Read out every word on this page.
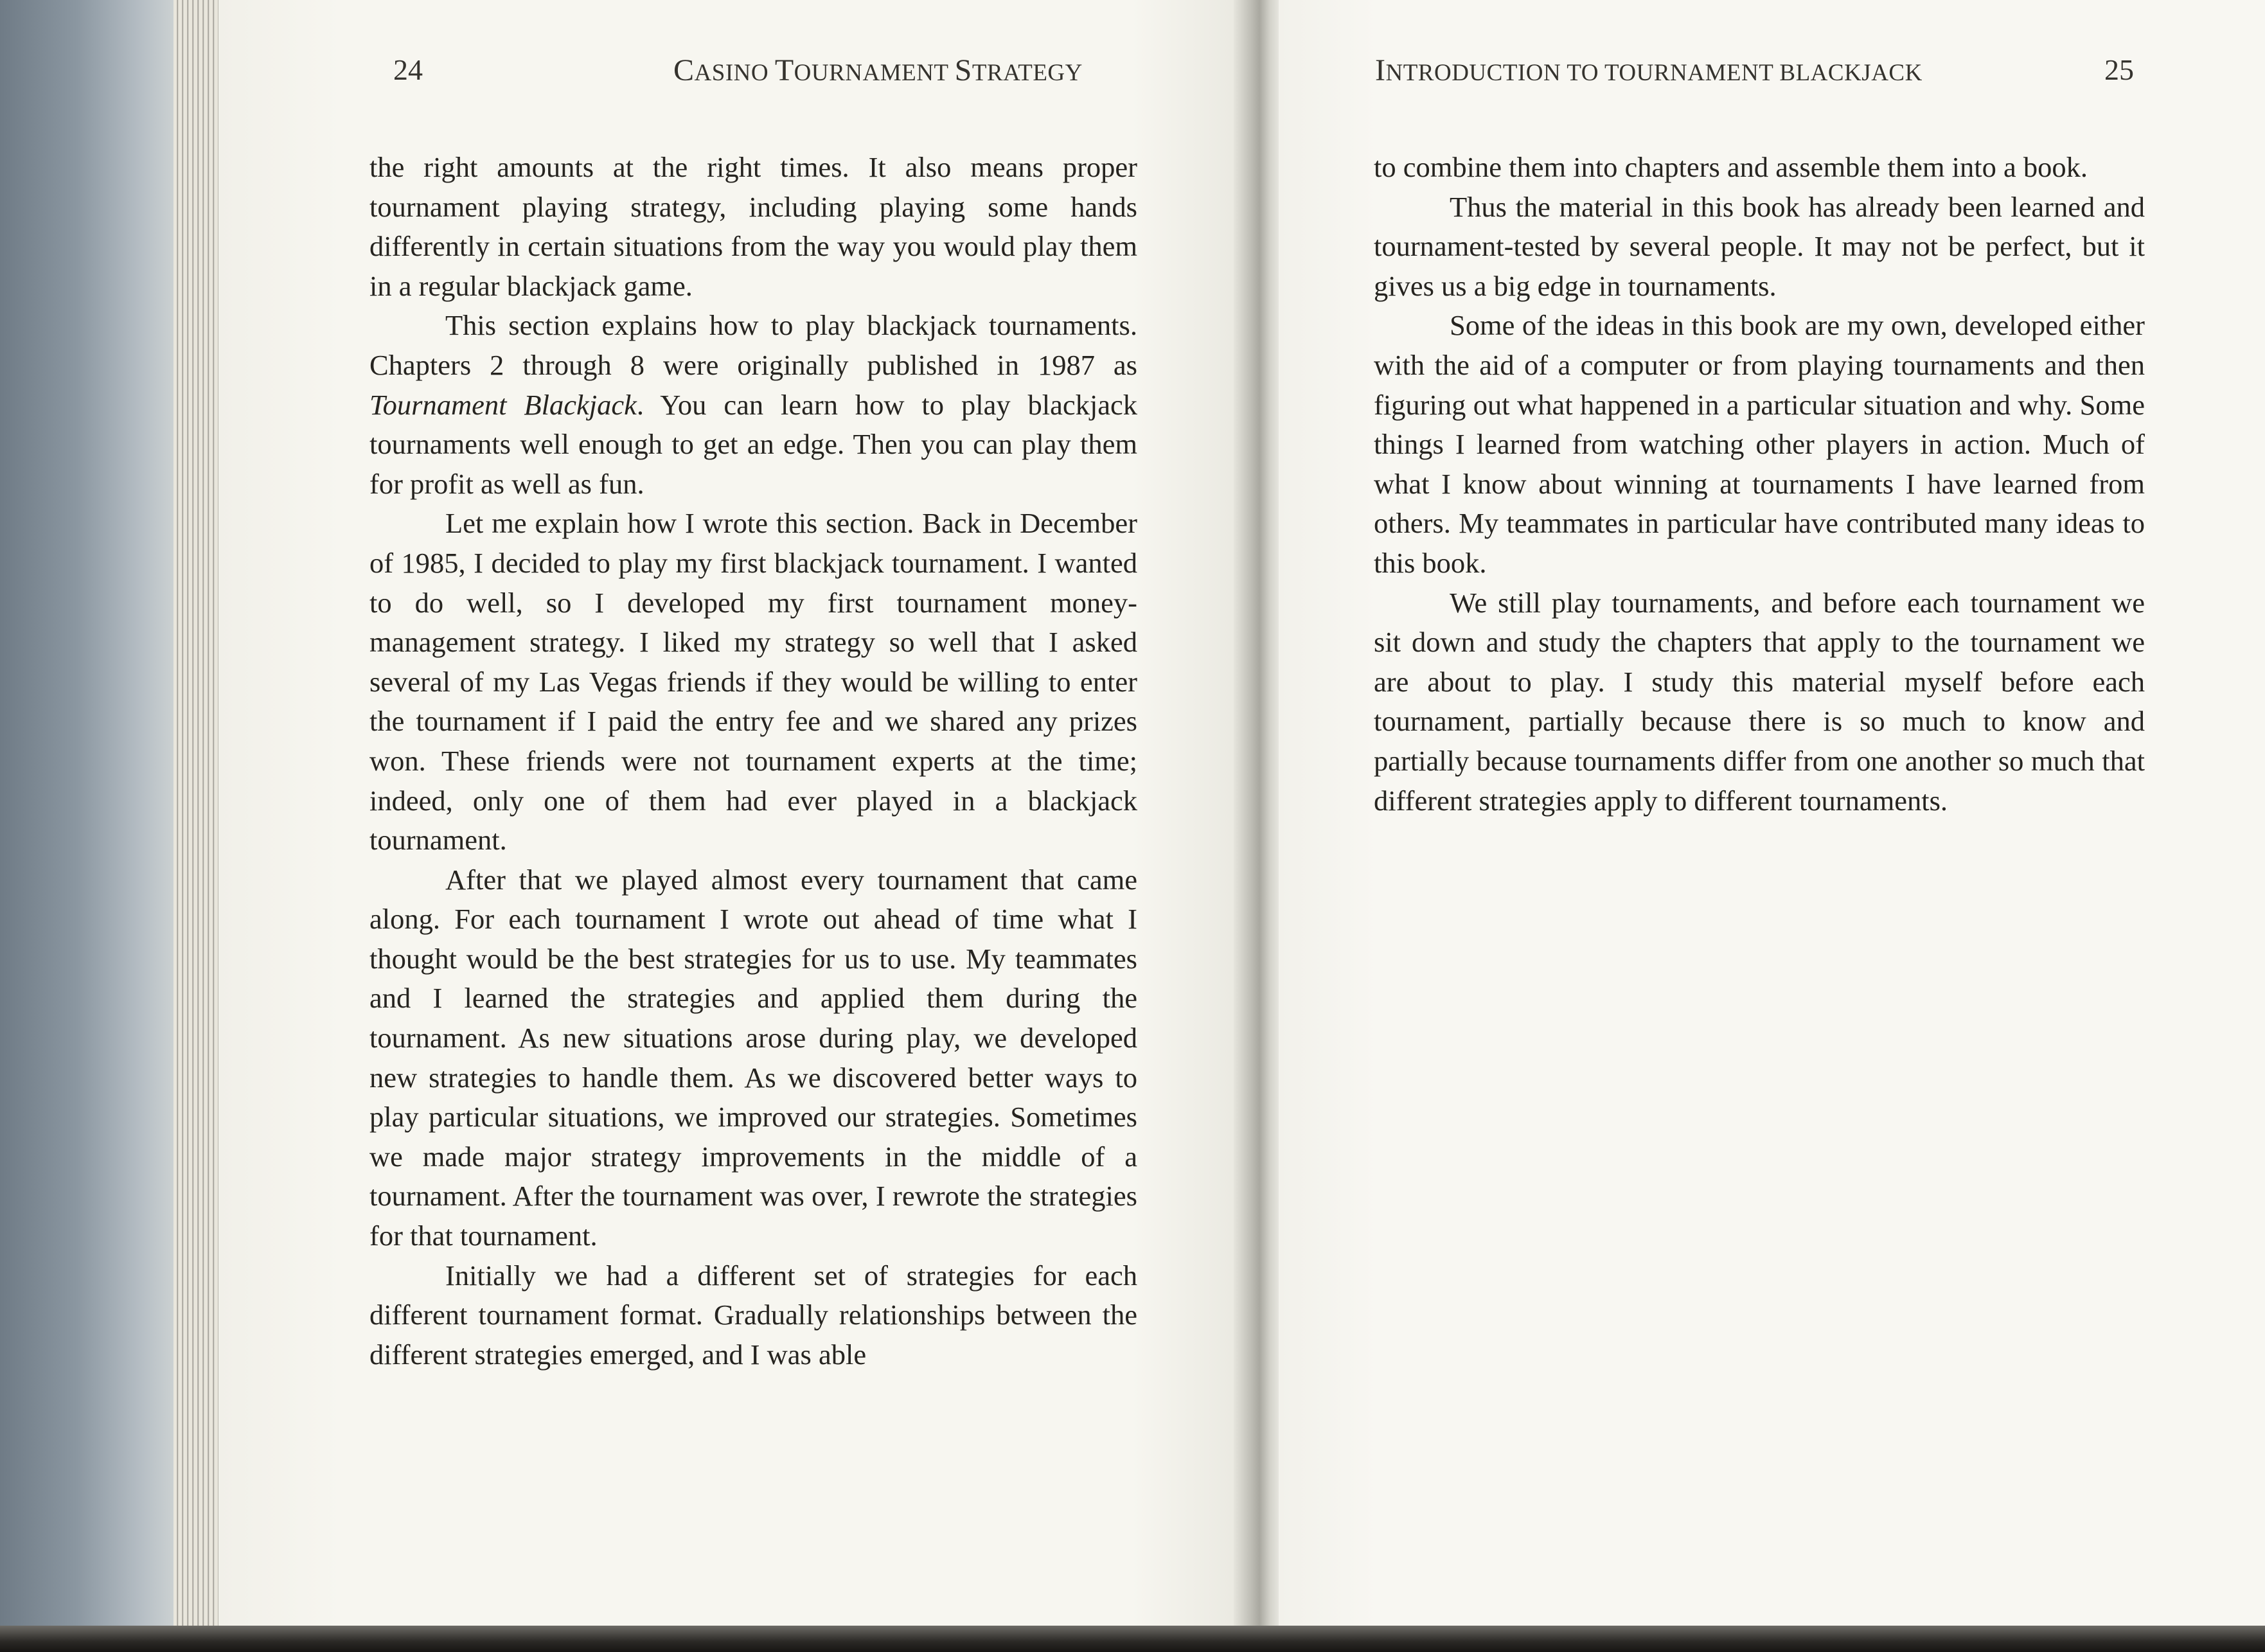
24	CASINO TOURNAMENT STRATEGY

the right amounts at the right times. It also means proper tournament playing strategy, including playing some hands differently in certain situations from the way you would play them in a regular blackjack game.

This section explains how to play blackjack tournaments. Chapters 2 through 8 were originally published in 1987 as Tournament Blackjack. You can learn how to play blackjack tournaments well enough to get an edge. Then you can play them for profit as well as fun.

Let me explain how I wrote this section. Back in December of 1985, I decided to play my first blackjack tournament. I wanted to do well, so I developed my first tournament money-management strategy. I liked my strategy so well that I asked several of my Las Vegas friends if they would be willing to enter the tournament if I paid the entry fee and we shared any prizes won. These friends were not tournament experts at the time; indeed, only one of them had ever played in a blackjack tournament.

After that we played almost every tournament that came along. For each tournament I wrote out ahead of time what I thought would be the best strategies for us to use. My teammates and I learned the strategies and applied them during the tournament. As new situations arose during play, we developed new strategies to handle them. As we discovered better ways to play particular situations, we improved our strategies. Sometimes we made major strategy improvements in the middle of a tournament. After the tournament was over, I rewrote the strategies for that tournament.

Initially we had a different set of strategies for each different tournament format. Gradually relationships between the different strategies emerged, and I was able

INTRODUCTION TO TOURNAMENT BLACKJACK	25

to combine them into chapters and assemble them into a book.

Thus the material in this book has already been learned and tournament-tested by several people. It may not be perfect, but it gives us a big edge in tournaments.

Some of the ideas in this book are my own, developed either with the aid of a computer or from playing tournaments and then figuring out what happened in a particular situation and why. Some things I learned from watching other players in action. Much of what I know about winning at tournaments I have learned from others. My teammates in particular have contributed many ideas to this book.

We still play tournaments, and before each tournament we sit down and study the chapters that apply to the tournament we are about to play. I study this material myself before each tournament, partially because there is so much to know and partially because tournaments differ from one another so much that different strategies apply to different tournaments.
